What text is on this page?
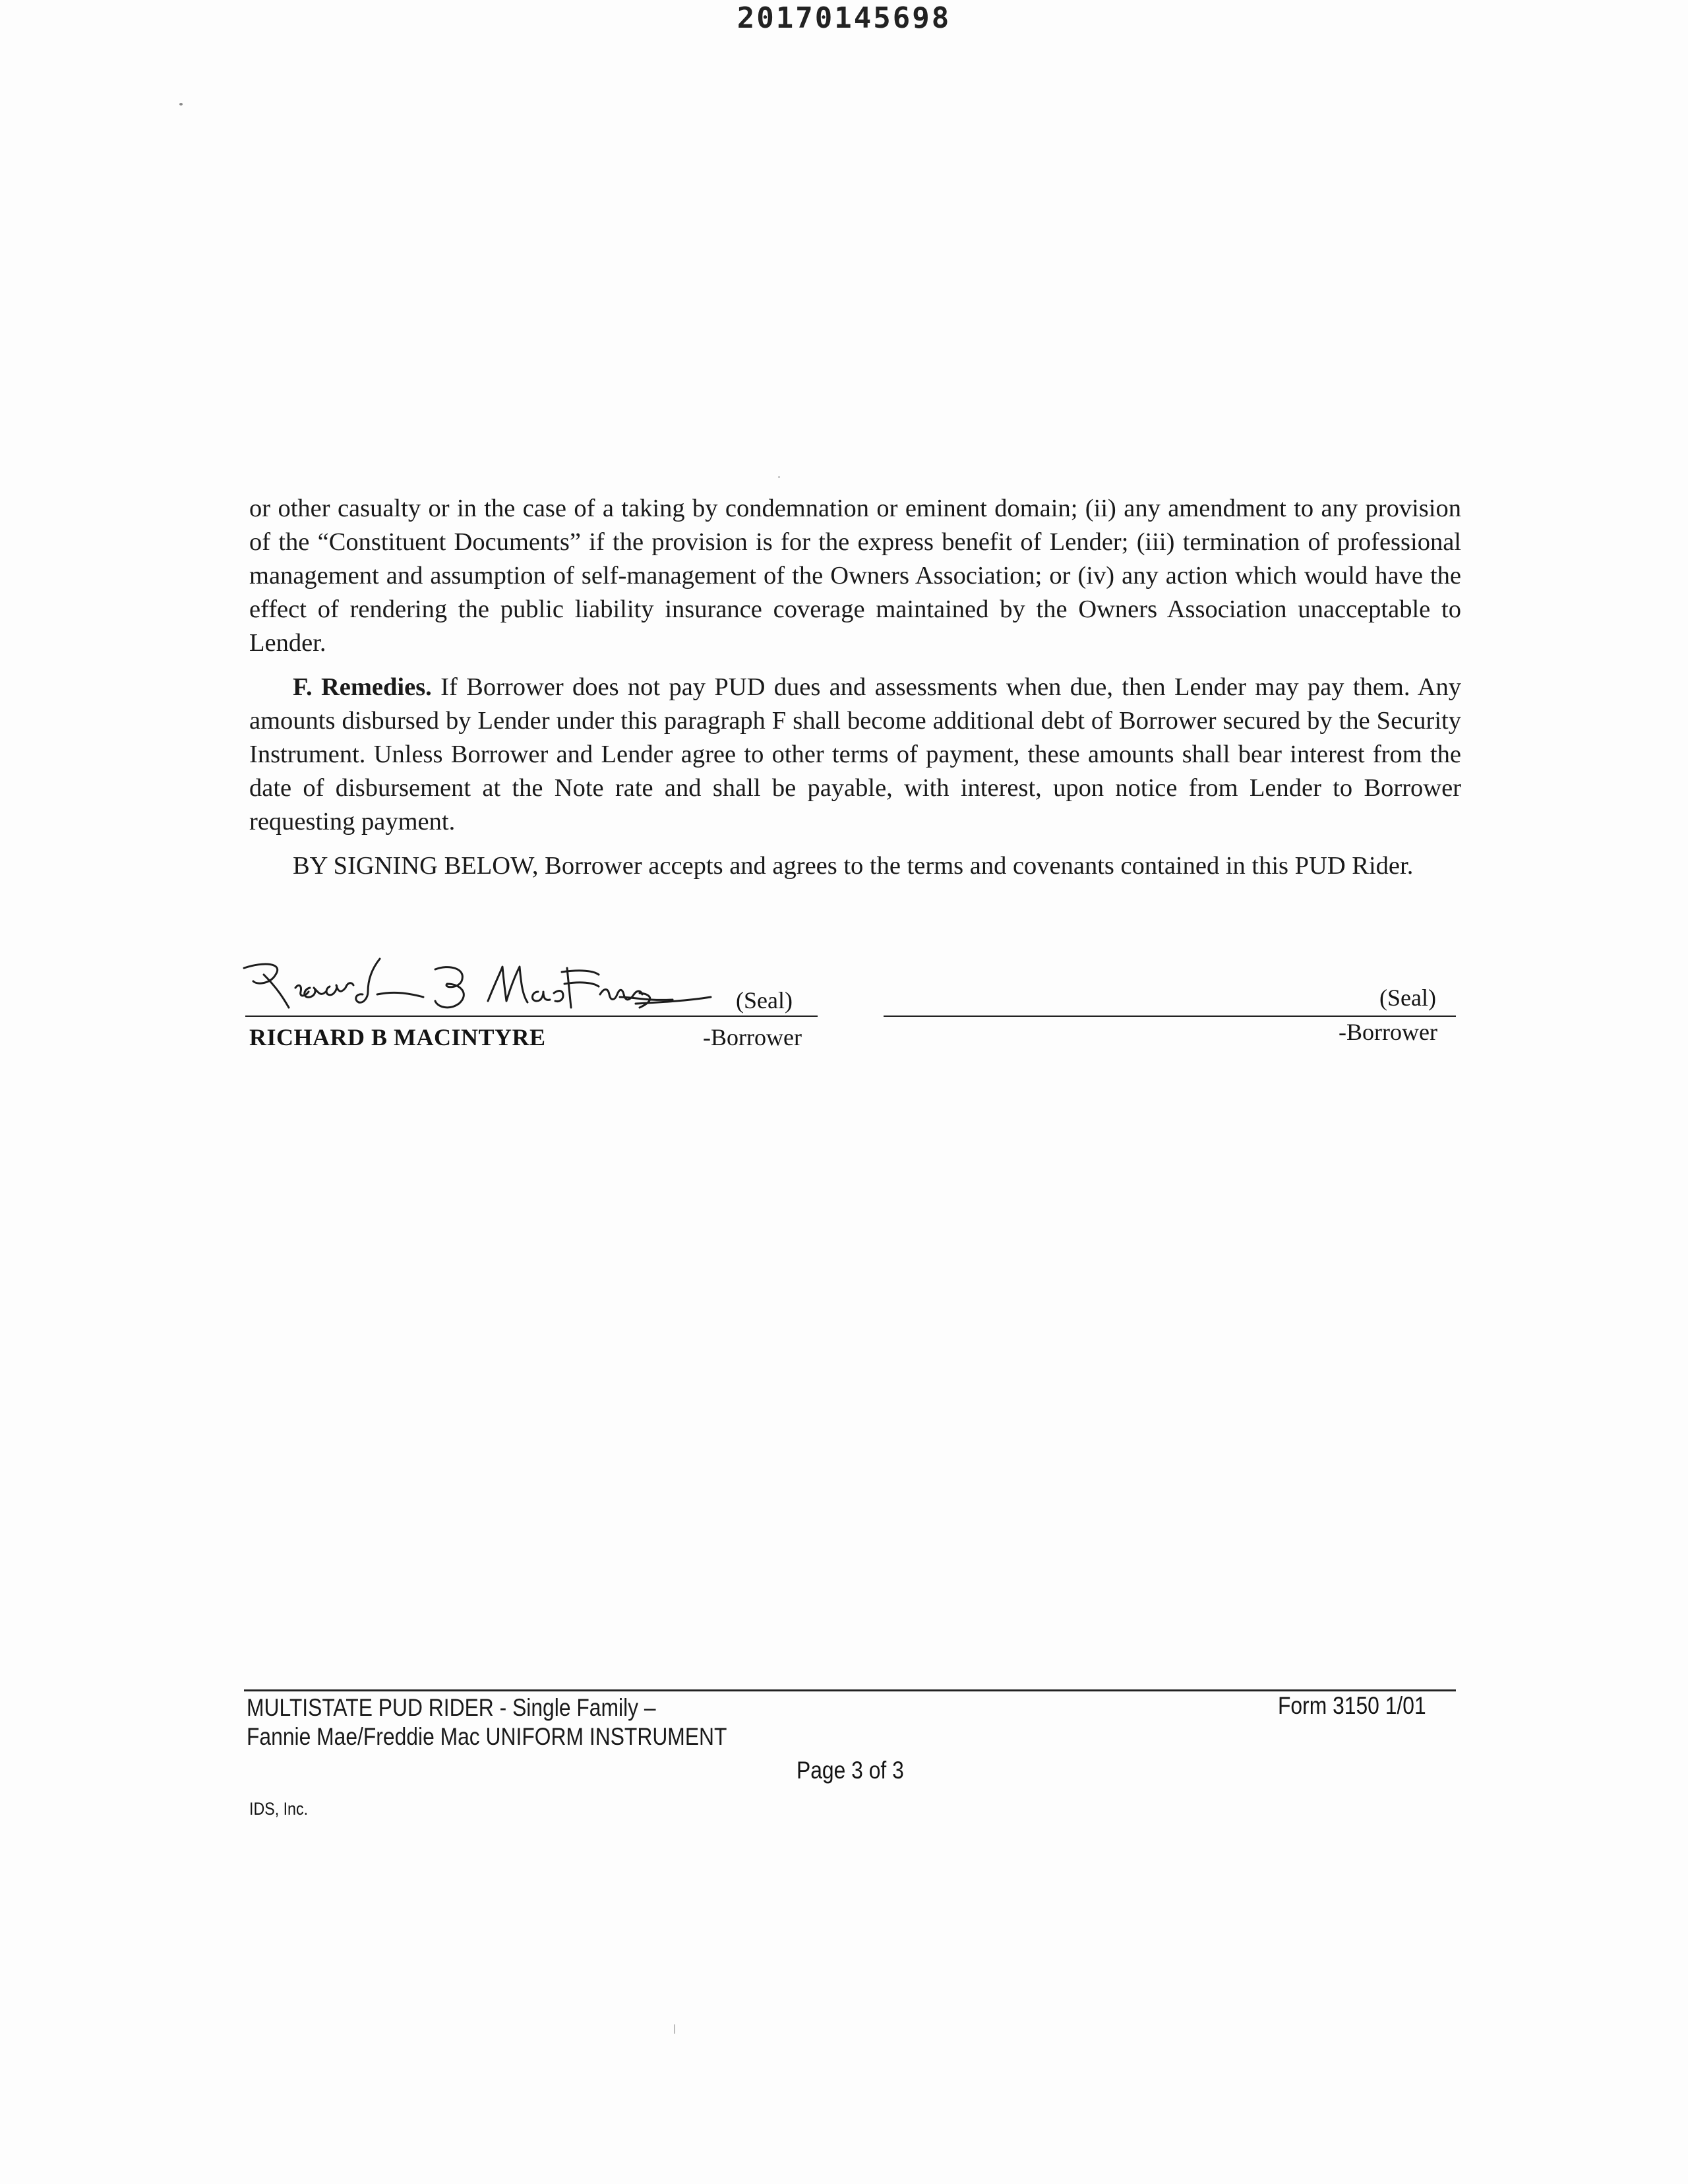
20170145698

or other casualty or in the case of a taking by condemnation or eminent domain; (ii) any amendment to any provision of the “Constituent Documents” if the provision is for the express benefit of Lender; (iii) termination of professional management and assumption of self-management of the Owners Association; or (iv) any action which would have the effect of rendering the public liability insurance coverage maintained by the Owners Association unacceptable to Lender.

F. Remedies. If Borrower does not pay PUD dues and assessments when due, then Lender may pay them. Any amounts disbursed by Lender under this paragraph F shall become additional debt of Borrower secured by the Security Instrument. Unless Borrower and Lender agree to other terms of payment, these amounts shall bear interest from the date of disbursement at the Note rate and shall be payable, with interest, upon notice from Lender to Borrower requesting payment.

BY SIGNING BELOW, Borrower accepts and agrees to the terms and covenants contained in this PUD Rider.

(Seal)
RICHARD B MACINTYRE	-Borrower
(Seal)
-Borrower
MULTISTATE PUD RIDER - Single Family –
Fannie Mae/Freddie Mac UNIFORM INSTRUMENT
Form 3150 1/01
Page 3 of 3
IDS, Inc.
